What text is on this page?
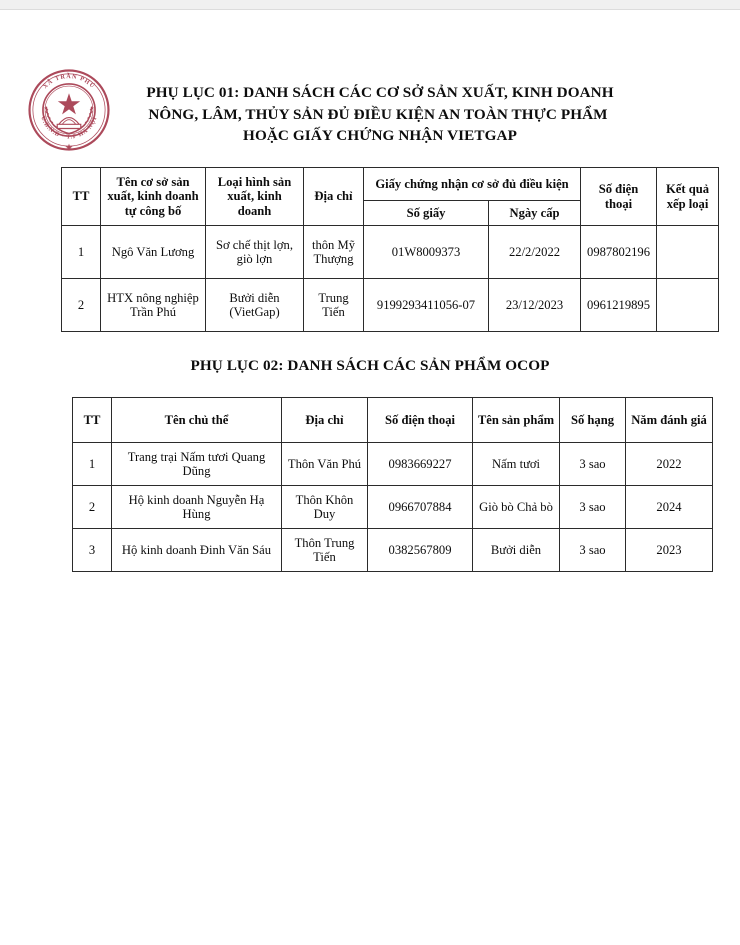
XÃ TRẦN PHÚ
U.B.N.D · T.P HÀ NỘI
PHỤ LỤC 01: DANH SÁCH CÁC CƠ SỞ SẢN XUẤT, KINH DOANH
NÔNG, LÂM, THỦY SẢN ĐỦ ĐIỀU KIỆN AN TOÀN THỰC PHẨM
HOẶC GIẤY CHỨNG NHẬN VIETGAP
TT	Tên cơ sở sản xuất, kinh doanh tự công bố	Loại hình sản xuất, kinh doanh	Địa chỉ	Giấy chứng nhận cơ sở đủ điều kiện		Số điện thoại	Kết quả xếp loại
				Số giấy	Ngày cấp		
1	Ngô Văn Lương	Sơ chế thịt lợn, giò lợn	thôn Mỹ Thượng	01W8009373	22/2/2022	0987802196	
2	HTX nông nghiệp Trần Phú	Bưởi diễn (VietGap)	Trung Tiến	9199293411056-07	23/12/2023	0961219895	
PHỤ LỤC 02: DANH SÁCH CÁC SẢN PHẨM OCOP
TT	Tên chủ thể	Địa chỉ	Số điện thoại	Tên sản phẩm	Số hạng	Năm đánh giá
1	Trang trại Nấm tươi Quang Dũng	Thôn Văn Phú	0983669227	Nấm tươi	3 sao	2022
2	Hộ kinh doanh Nguyễn Hạ Hùng	Thôn Khôn Duy	0966707884	Giò bò Chả bò	3 sao	2024
3	Hộ kinh doanh Đinh Văn Sáu	Thôn Trung Tiến	0382567809	Bưởi diễn	3 sao	2023
